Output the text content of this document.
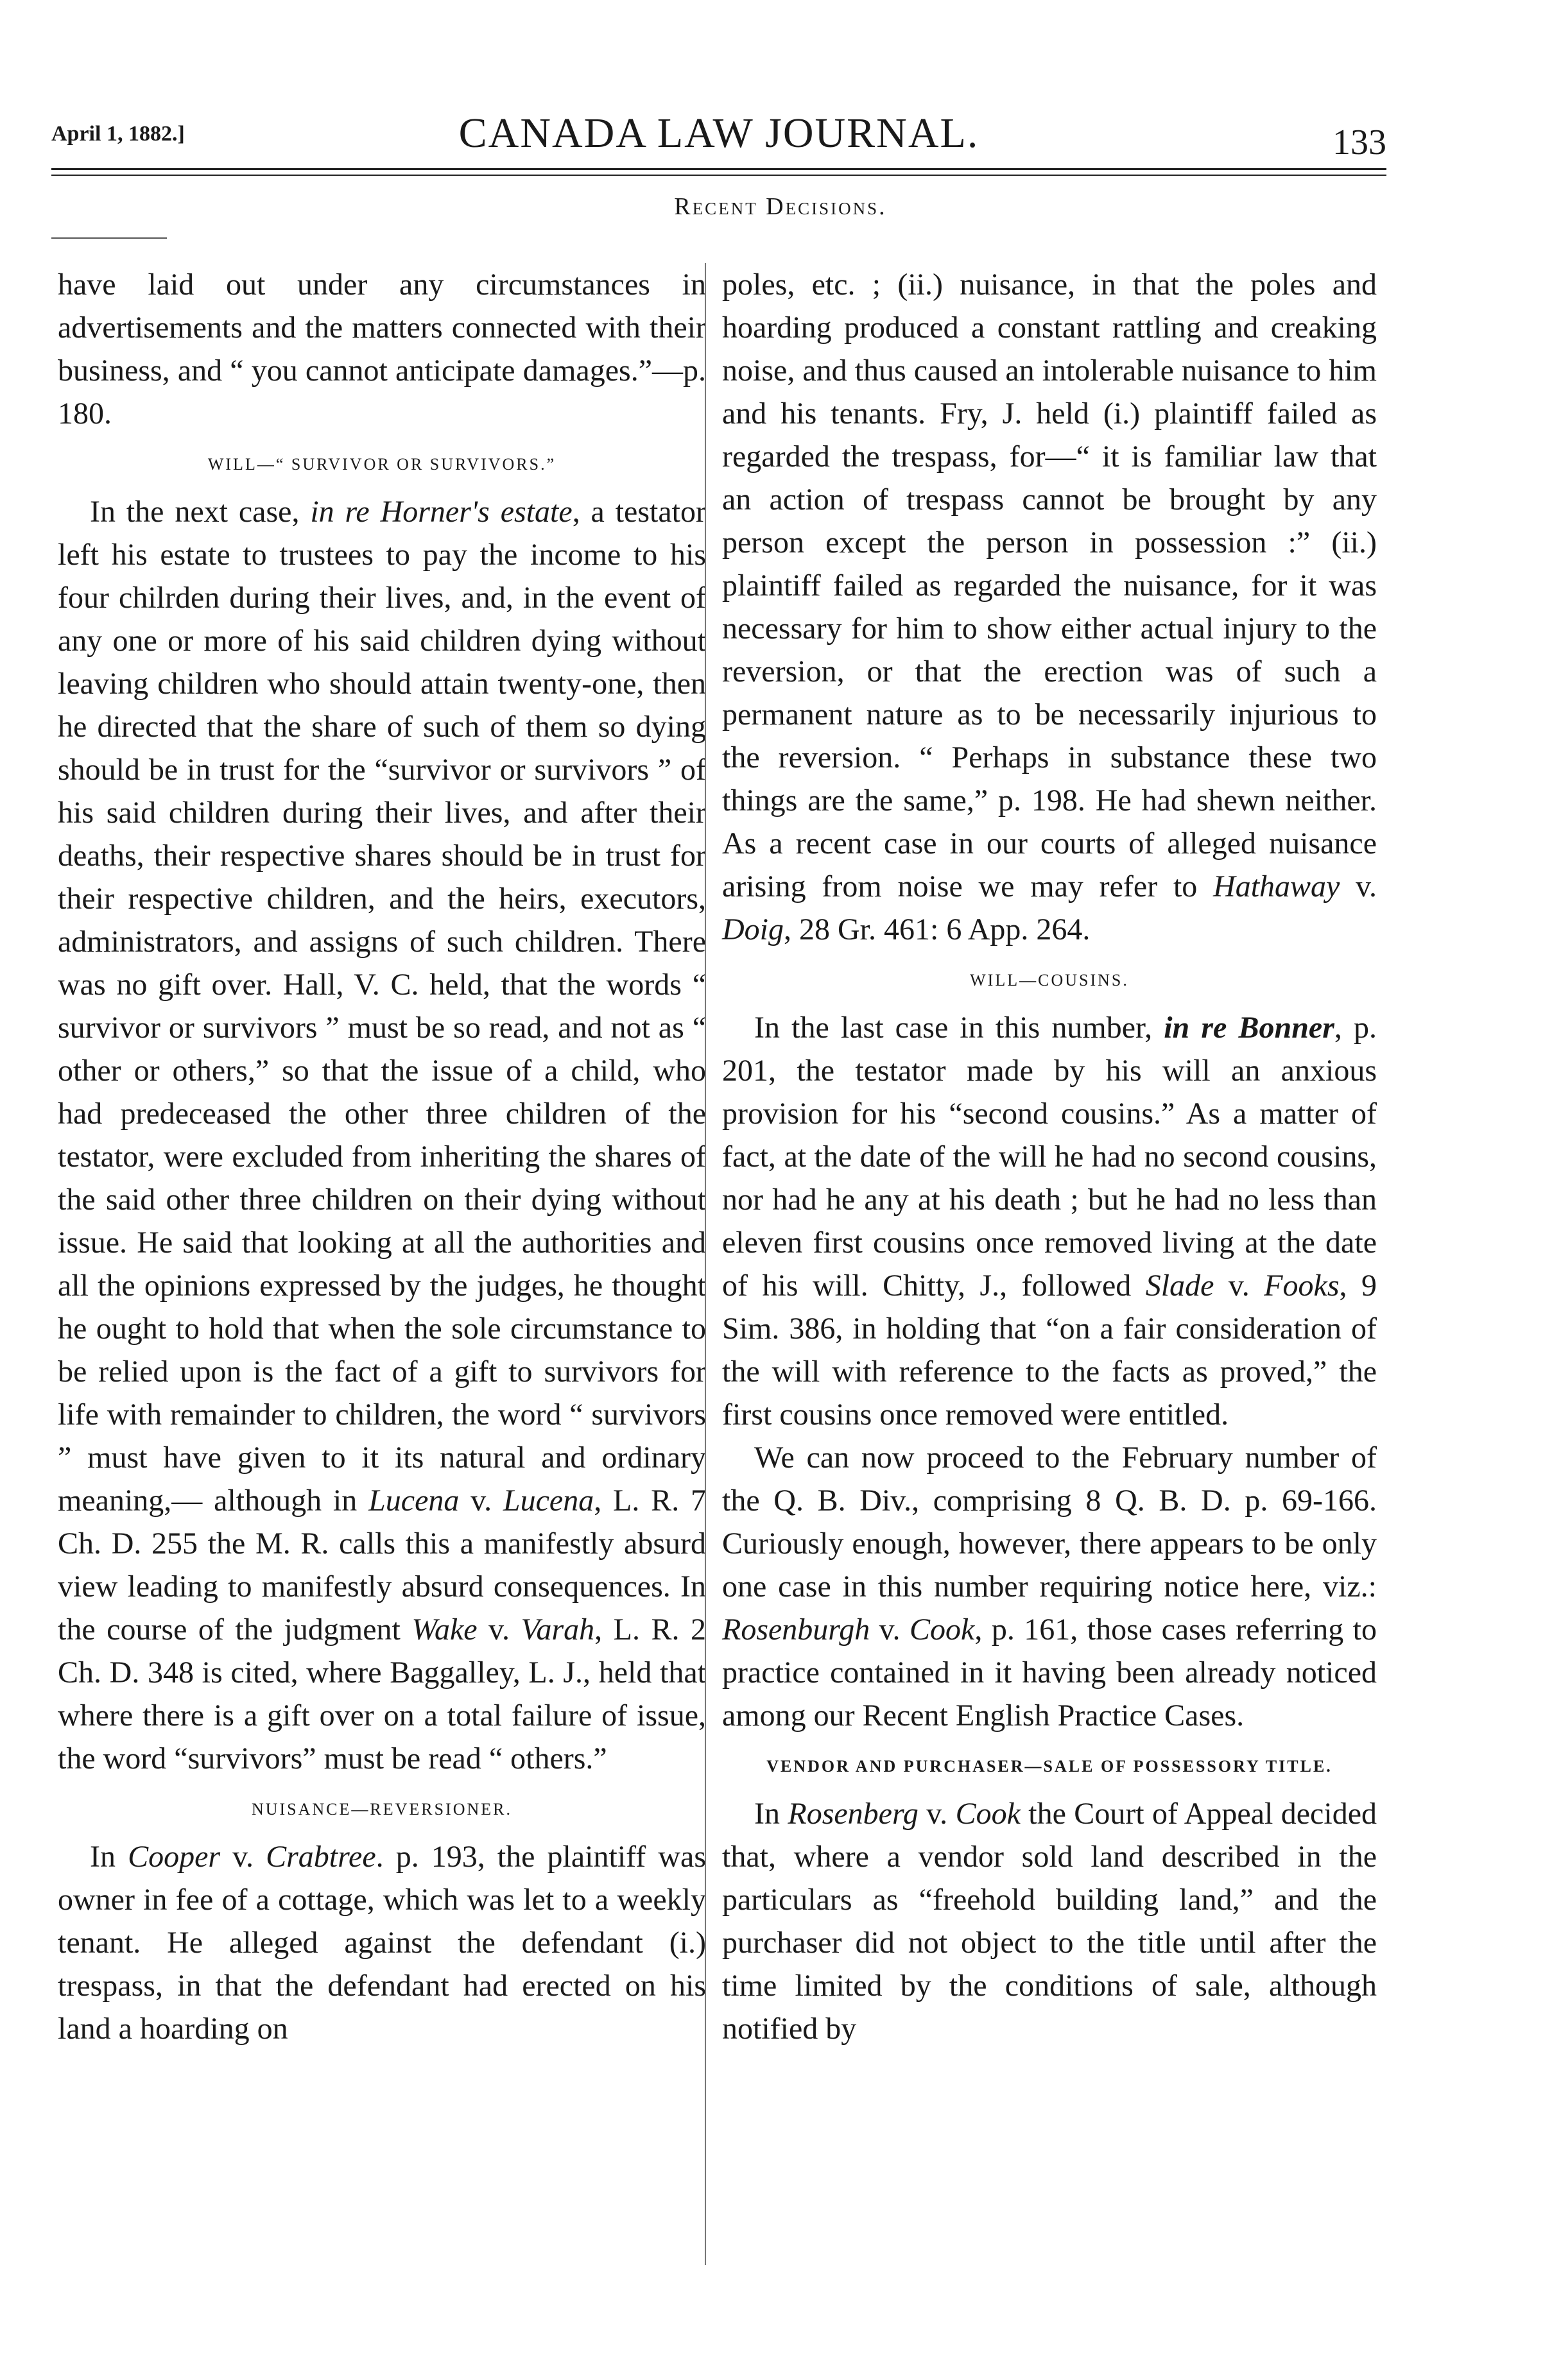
April 1, 1882.]	CANADA LAW JOURNAL.	133
Recent Decisions.

have laid out under any circumstances in advertisements and the matters connected with their business, and “ you cannot anticipate damages.”—p. 180.

WILL—“ SURVIVOR OR SURVIVORS.”

In the next case, in re Horner's estate, a testator left his estate to trustees to pay the income to his four chilrden during their lives, and, in the event of any one or more of his said children dying without leaving children who should attain twenty-one, then he directed that the share of such of them so dying should be in trust for the “survivor or survivors ” of his said children during their lives, and after their deaths, their respective shares should be in trust for their respective children, and the heirs, executors, administrators, and assigns of such children. There was no gift over. Hall, V. C. held, that the words “ survivor or survivors ” must be so read, and not as “ other or others,” so that the issue of a child, who had predeceased the other three children of the testator, were excluded from inheriting the shares of the said other three children on their dying without issue. He said that looking at all the authorities and all the opinions expressed by the judges, he thought he ought to hold that when the sole circumstance to be relied upon is the fact of a gift to survivors for life with remainder to children, the word “ survivors ” must have given to it its natural and ordinary meaning,— although in Lucena v. Lucena, L. R. 7 Ch. D. 255 the M. R. calls this a manifestly absurd view leading to manifestly absurd consequences. In the course of the judgment Wake v. Varah, L. R. 2 Ch. D. 348 is cited, where Baggalley, L. J., held that where there is a gift over on a total failure of issue, the word “survivors” must be read “ others.”

NUISANCE—REVERSIONER.

In Cooper v. Crabtree. p. 193, the plaintiff was owner in fee of a cottage, which was let to a weekly tenant. He alleged against the defendant (i.) trespass, in that the defendant had erected on his land a hoarding on

poles, etc. ; (ii.) nuisance, in that the poles and hoarding produced a constant rattling and creaking noise, and thus caused an intolerable nuisance to him and his tenants. Fry, J. held (i.) plaintiff failed as regarded the trespass, for—“ it is familiar law that an action of trespass cannot be brought by any person except the person in possession :” (ii.) plaintiff failed as regarded the nuisance, for it was necessary for him to show either actual injury to the reversion, or that the erection was of such a permanent nature as to be necessarily injurious to the reversion. “ Perhaps in substance these two things are the same,” p. 198. He had shewn neither. As a recent case in our courts of alleged nuisance arising from noise we may refer to Hathaway v. Doig, 28 Gr. 461: 6 App. 264.

WILL—COUSINS.

In the last case in this number, in re Bonner, p. 201, the testator made by his will an anxious provision for his “second cousins.” As a matter of fact, at the date of the will he had no second cousins, nor had he any at his death ; but he had no less than eleven first cousins once removed living at the date of his will. Chitty, J., followed Slade v. Fooks, 9 Sim. 386, in holding that “on a fair consideration of the will with reference to the facts as proved,” the first cousins once removed were entitled.

We can now proceed to the February number of the Q. B. Div., comprising 8 Q. B. D. p. 69-166. Curiously enough, however, there appears to be only one case in this number requiring notice here, viz.: Rosenburgh v. Cook, p. 161, those cases referring to practice contained in it having been already noticed among our Recent English Practice Cases.

VENDOR AND PURCHASER—SALE OF POSSESSORY TITLE.

In Rosenberg v. Cook the Court of Appeal decided that, where a vendor sold land described in the particulars as “freehold building land,” and the purchaser did not object to the title until after the time limited by the conditions of sale, although notified by
